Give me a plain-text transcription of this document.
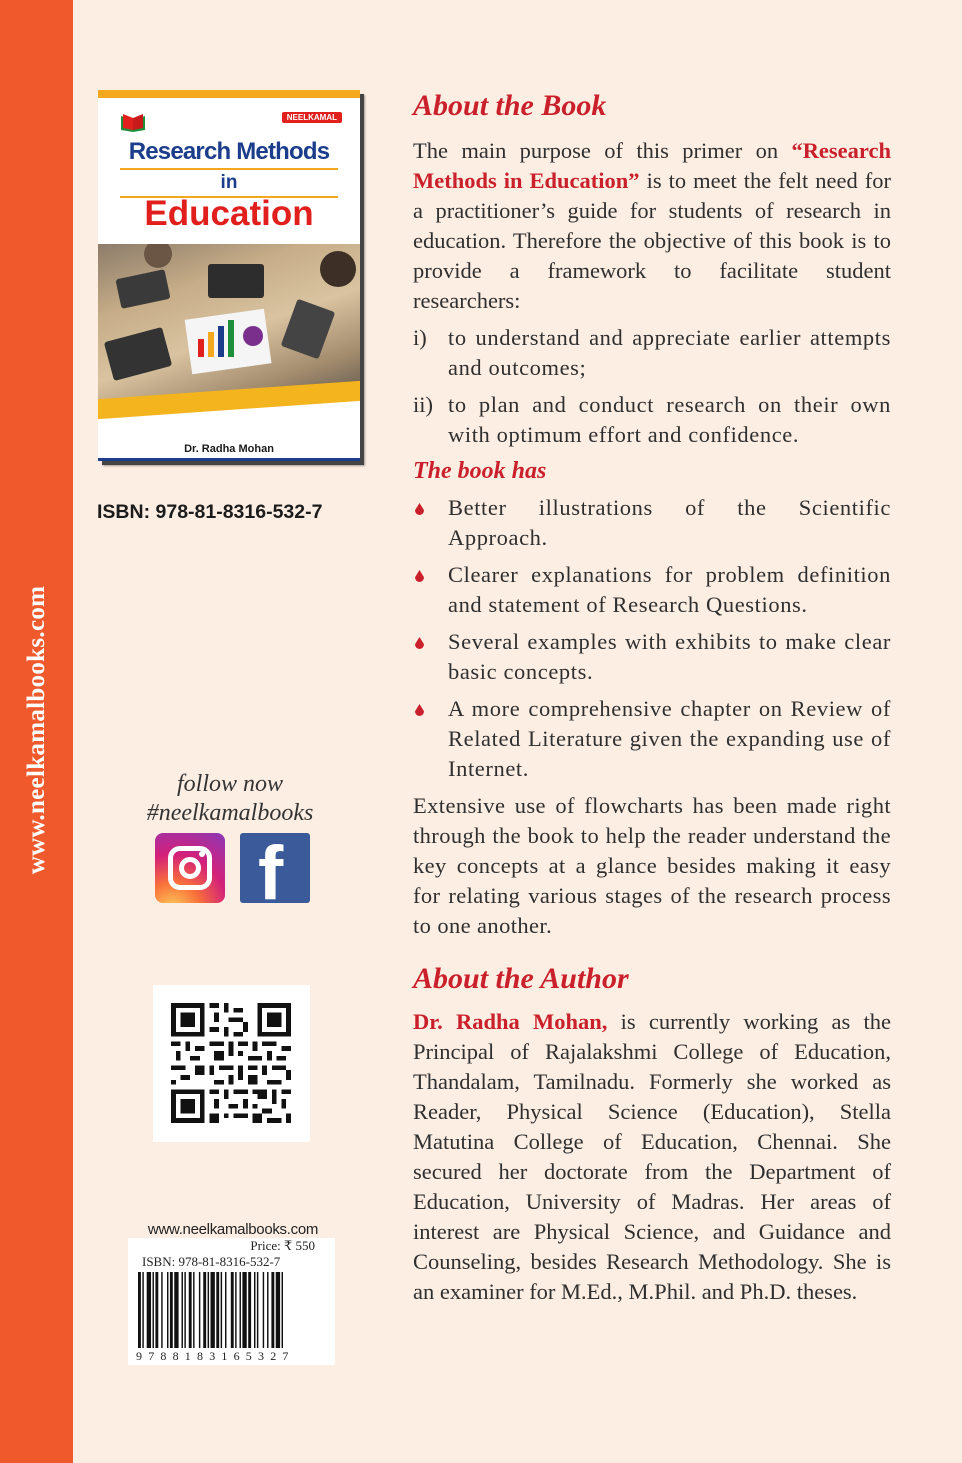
www.neelkamalbooks.com
NEELKAMAL
Research Methods
in
Education
Dr. Radha Mohan
ISBN: 978-81-8316-532-7
follow now
#neelkamalbooks
f
www.neelkamalbooks.com
Price: ₹ 550
ISBN: 978-81-8316-532-7
9788183165327
About the Book

The main purpose of this primer on “Research Methods in Education” is to meet the felt need for a practitioner’s guide for students of research in education. Therefore the objective of this book is to provide a framework to facilitate student researchers:

i) to understand and appreciate earlier attempts and outcomes;
ii) to plan and conduct research on their own with optimum effort and confidence.
The book has
Better illustrations of the Scientific Approach.
Clearer explanations for problem definition and statement of Research Questions.
Several examples with exhibits to make clear basic concepts.
A more comprehensive chapter on Review of Related Literature given the expanding use of Internet.

Extensive use of flowcharts has been made right through the book to help the reader understand the key concepts at a glance besides making it easy for relating various stages of the research process to one another.

About the Author

Dr. Radha Mohan, is currently working as the Principal of Rajalakshmi College of Education, Thandalam, Tamilnadu. Formerly she worked as Reader, Physical Science (Education), Stella Matutina College of Education, Chennai. She secured her doctorate from the Department of Education, University of Madras. Her areas of interest are Physical Science, and Guidance and Counseling, besides Research Methodology. She is an examiner for M.Ed., M.Phil. and Ph.D. theses.
